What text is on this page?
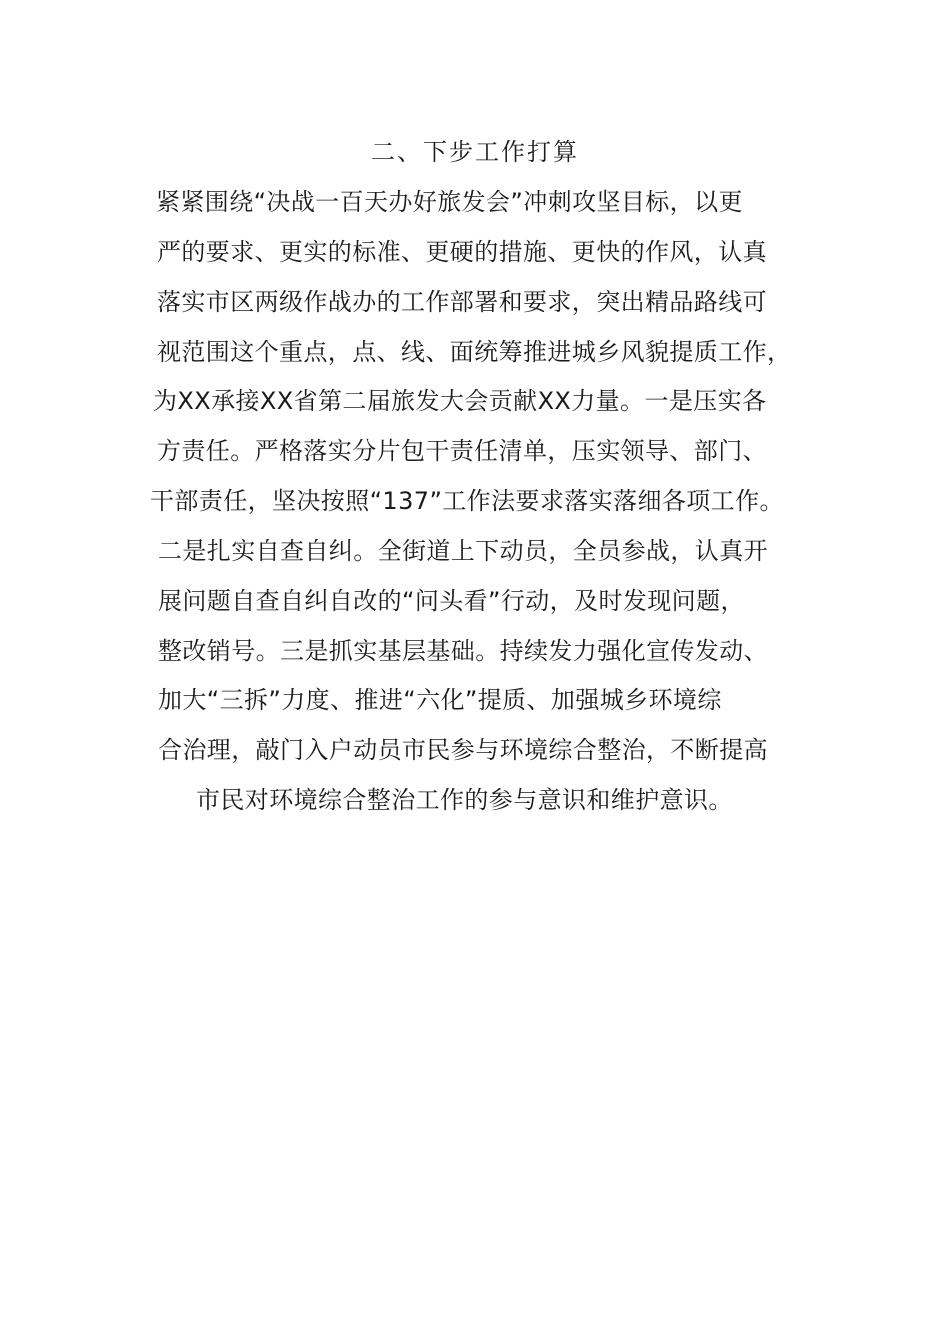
二、下步工作打算
紧紧围绕“决战一百天办好旅发会”冲刺攻坚目标，以更
严的要求、更实的标准、更硬的措施、更快的作风，认真
落实市区两级作战办的工作部署和要求，突出精品路线可
视范围这个重点，点、线、面统筹推进城乡风貌提质工作，
为XX承接XX省第二届旅发大会贡献XX力量。一是压实各
方责任。严格落实分片包干责任清单，压实领导、部门、
干部责任，坚决按照“137”工作法要求落实落细各项工作。
二是扎实自查自纠。全街道上下动员，全员参战，认真开
展问题自查自纠自改的“问头看”行动，及时发现问题，
整改销号。三是抓实基层基础。持续发力强化宣传发动、
加大“三拆”力度、推进“六化”提质、加强城乡环境综
合治理，敲门入户动员市民参与环境综合整治，不断提高
市民对环境综合整治工作的参与意识和维护意识。
